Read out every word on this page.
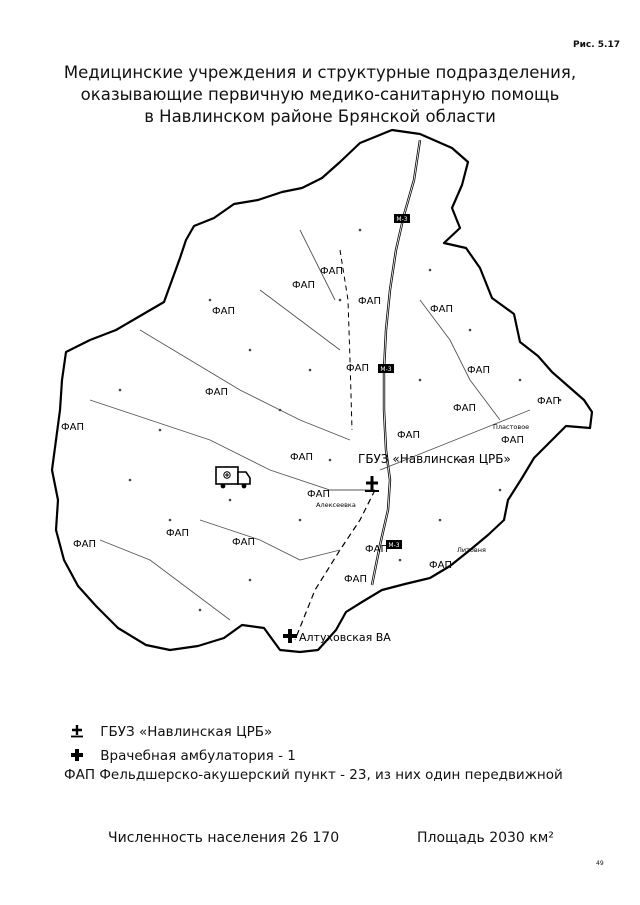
Рис. 5.17
Медицинские учреждения и структурные подразделения,
оказывающие первичную медико-санитарную помощь
в Навлинском районе Брянской области
М-3
М-3
М-3
Алексеевка
Пластовое
Литовня
ФАП
ФАП
ФАП
ФАП	ФАП
ФАП	ФАП
ФАП
ФАП
ФАП
ФАП
ФАП	ФАП
ФАП
ФАП
ФАП
ФАП
ФАП	ФАП
ФАП
ФАП
ГБУЗ «Навлинская ЦРБ»
Алтуховская ВА
ГБУЗ «Навлинская ЦРБ»
Врачебная амбулатория - 1
ФАП Фельдшерско-акушерский пункт - 23, из них один передвижной
Численность населения 26 170	Площадь 2030 км²
49
